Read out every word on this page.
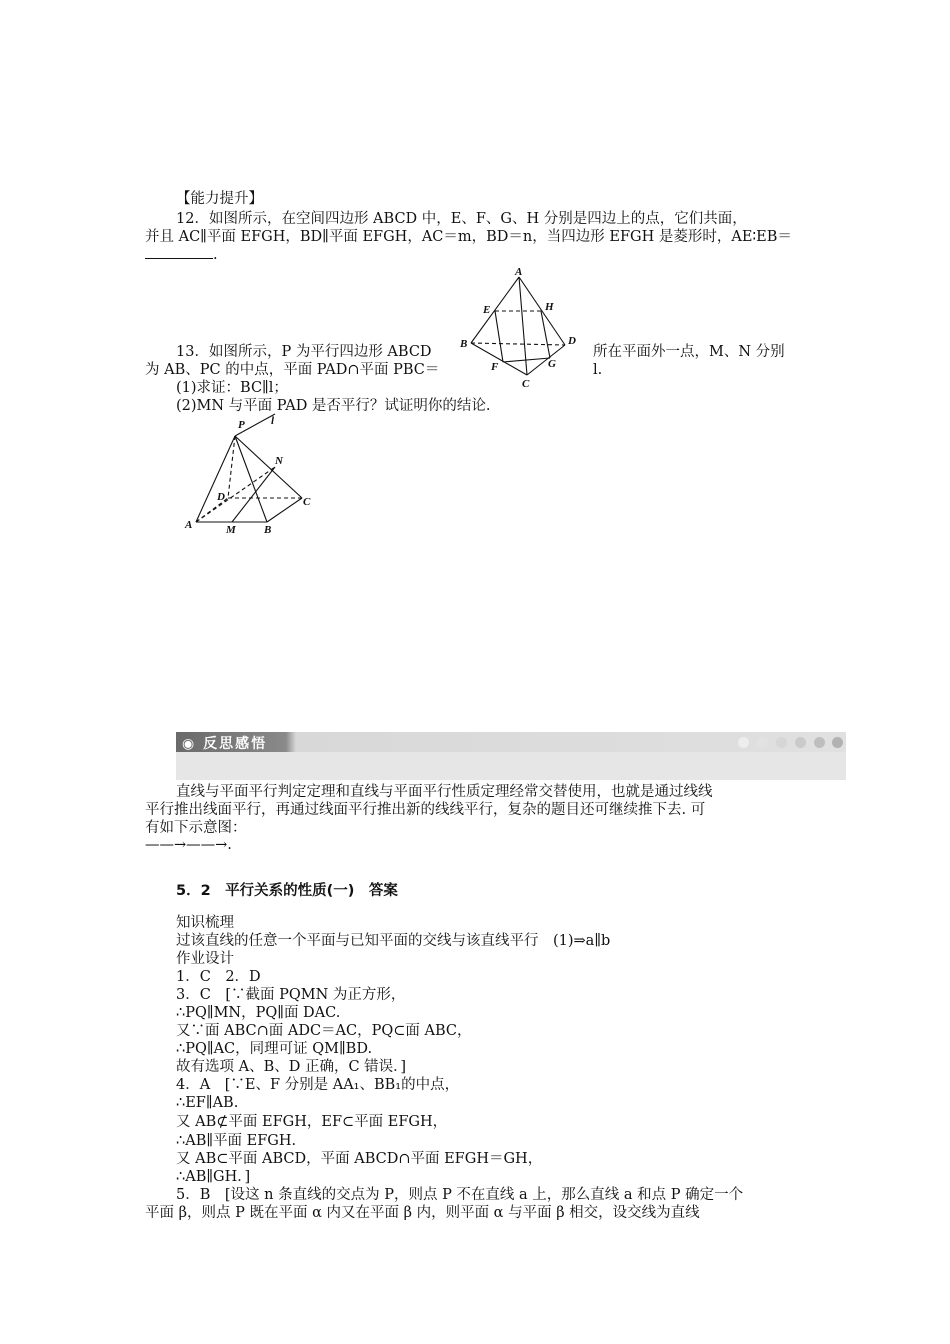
【能力提升】
12．如图所示，在空间四边形 ABCD 中，E、F、G、H 分别是四边上的点，它们共面，
并且 AC∥平面 EFGH，BD∥平面 EFGH，AC＝m，BD＝n，当四边形 EFGH 是菱形时，AE∶EB＝
.
A
E	H
B	D
F	G
C
13．如图所示，P 为平行四边形 ABCD	所在平面外一点，M、N 分别
为 AB、PC 的中点，平面 PAD∩平面 PBC＝	l.
(1)求证：BC∥l；
(2)MN 与平面 PAD 是否平行？试证明你的结论.
P l
N
D	C
A	M	B
◉ 反思感悟
直线与平面平行判定定理和直线与平面平行性质定理经常交替使用，也就是通过线线
平行推出线面平行，再通过线面平行推出新的线线平行，复杂的题目还可继续推下去. 可
有如下示意图：
——→——→.
5．2　平行关系的性质(一)　答案
知识梳理
过该直线的任意一个平面与已知平面的交线与该直线平行　(1)⇒a∥b
作业设计
1．C　2．D
3．C　[∵截面 PQMN 为正方形，
∴PQ∥MN，PQ∥面 DAC.
又∵面 ABC∩面 ADC＝AC，PQ⊂面 ABC，
∴PQ∥AC，同理可证 QM∥BD.
故有选项 A、B、D 正确，C 错误．]
4．A　[∵E、F 分别是 AA₁、BB₁的中点，
∴EF∥AB.
又 AB⊄平面 EFGH，EF⊂平面 EFGH，
∴AB∥平面 EFGH.
又 AB⊂平面 ABCD，平面 ABCD∩平面 EFGH＝GH，
∴AB∥GH．]
5．B　[设这 n 条直线的交点为 P，则点 P 不在直线 a 上，那么直线 a 和点 P 确定一个
平面 β，则点 P 既在平面 α 内又在平面 β 内，则平面 α 与平面 β 相交，设交线为直线
